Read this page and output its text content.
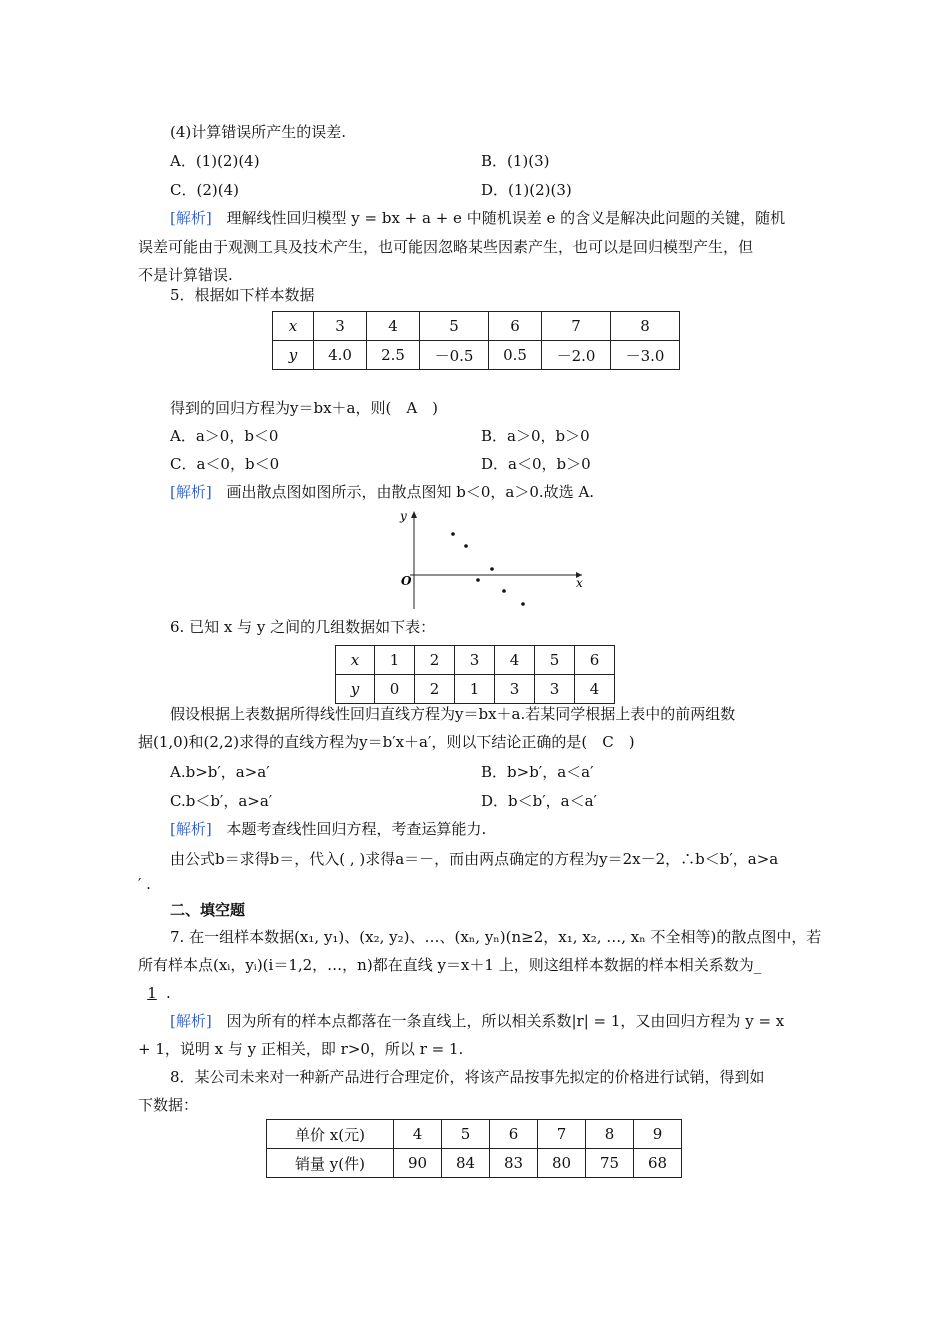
(4)计算错误所产生的误差.
A．(1)(2)(4)	B．(1)(3)
C．(2)(4)	D．(1)(2)(3)
[解析] 理解线性回归模型 y = bx + a + e 中随机误差 e 的含义是解决此问题的关键，随机
误差可能由于观测工具及技术产生，也可能因忽略某些因素产生，也可以是回归模型产生，但
不是计算错误.
5．根据如下样本数据
x	3	4	5	6	7	8
y	4.0	2.5	－0.5	0.5	－2.0	－3.0
得到的回归方程为y＝bx＋a，则(　A　)
A．a＞0，b＜0	B．a＞0，b＞0
C．a＜0，b＜0	D．a＜0，b＞0
[解析] 画出散点图如图所示，由散点图知 b＜0，a＞0.故选 A.
y
x
O
6. 已知 x 与 y 之间的几组数据如下表：
x	1	2	3	4	5	6
y	0	2	1	3	3	4
假设根据上表数据所得线性回归直线方程为y＝bx＋a.若某同学根据上表中的前两组数
据(1,0)和(2,2)求得的直线方程为y＝b′x＋a′，则以下结论正确的是(　C　)
A.b>b′，a>a′	B．b>b′，a＜a′
C.b＜b′，a>a′	D．b＜b′，a＜a′
[解析] 本题考查线性回归方程，考查运算能力.
由公式b＝求得b＝，代入( , )求得a＝－，而由两点确定的方程为y＝2x－2，∴b＜b′，a>a
′ .
二、填空题
7. 在一组样本数据(x₁, y₁)、(x₂, y₂)、…、(xₙ, yₙ)(n≥2，x₁, x₂, …, xₙ 不全相等)的散点图中，若
所有样本点(xᵢ，yᵢ)(i＝1,2，…，n)都在直线 y＝x＋1 上，则这组样本数据的样本相关系数为_
1 .
[解析] 因为所有的样本点都落在一条直线上，所以相关系数|r| = 1，又由回归方程为 y = x
+ 1，说明 x 与 y 正相关，即 r>0，所以 r = 1.
8．某公司未来对一种新产品进行合理定价，将该产品按事先拟定的价格进行试销，得到如
下数据：
单价 x(元)	4	5	6	7	8	9
销量 y(件)	90	84	83	80	75	68
